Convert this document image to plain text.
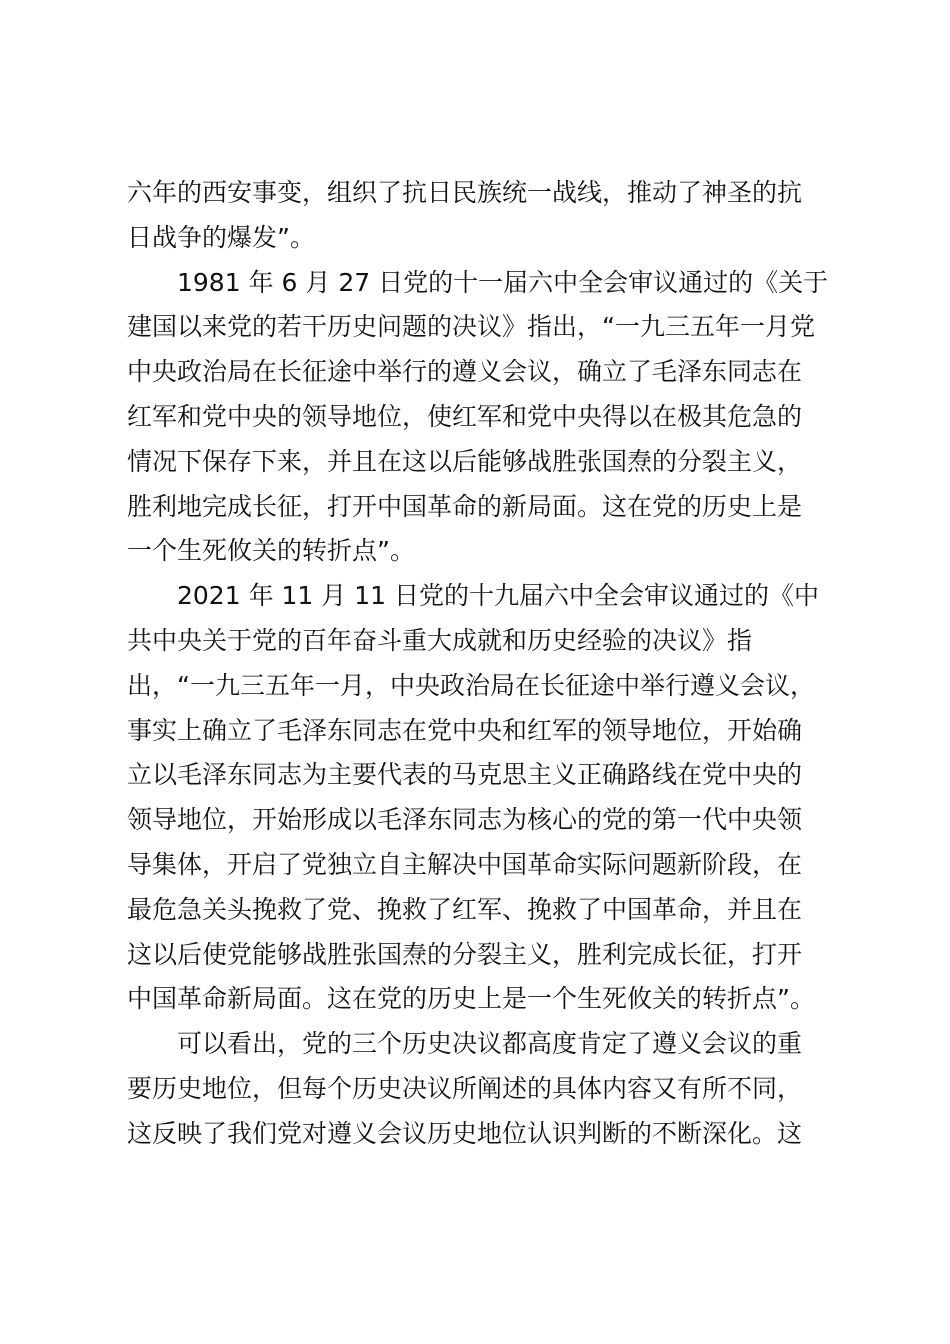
六年的西安事变，组织了抗日民族统一战线，推动了神圣的抗
日战争的爆发”。
1981 年 6 月 27 日党的十一届六中全会审议通过的《关于
建国以来党的若干历史问题的决议》指出，“一九三五年一月党
中央政治局在长征途中举行的遵义会议，确立了毛泽东同志在
红军和党中央的领导地位，使红军和党中央得以在极其危急的
情况下保存下来，并且在这以后能够战胜张国焘的分裂主义，
胜利地完成长征，打开中国革命的新局面。这在党的历史上是
一个生死攸关的转折点”。
2021 年 11 月 11 日党的十九届六中全会审议通过的《中
共中央关于党的百年奋斗重大成就和历史经验的决议》指
出，“一九三五年一月，中央政治局在长征途中举行遵义会议，
事实上确立了毛泽东同志在党中央和红军的领导地位，开始确
立以毛泽东同志为主要代表的马克思主义正确路线在党中央的
领导地位，开始形成以毛泽东同志为核心的党的第一代中央领
导集体，开启了党独立自主解决中国革命实际问题新阶段，在
最危急关头挽救了党、挽救了红军、挽救了中国革命，并且在
这以后使党能够战胜张国焘的分裂主义，胜利完成长征，打开
中国革命新局面。这在党的历史上是一个生死攸关的转折点”。
可以看出，党的三个历史决议都高度肯定了遵义会议的重
要历史地位，但每个历史决议所阐述的具体内容又有所不同，
这反映了我们党对遵义会议历史地位认识判断的不断深化。这
